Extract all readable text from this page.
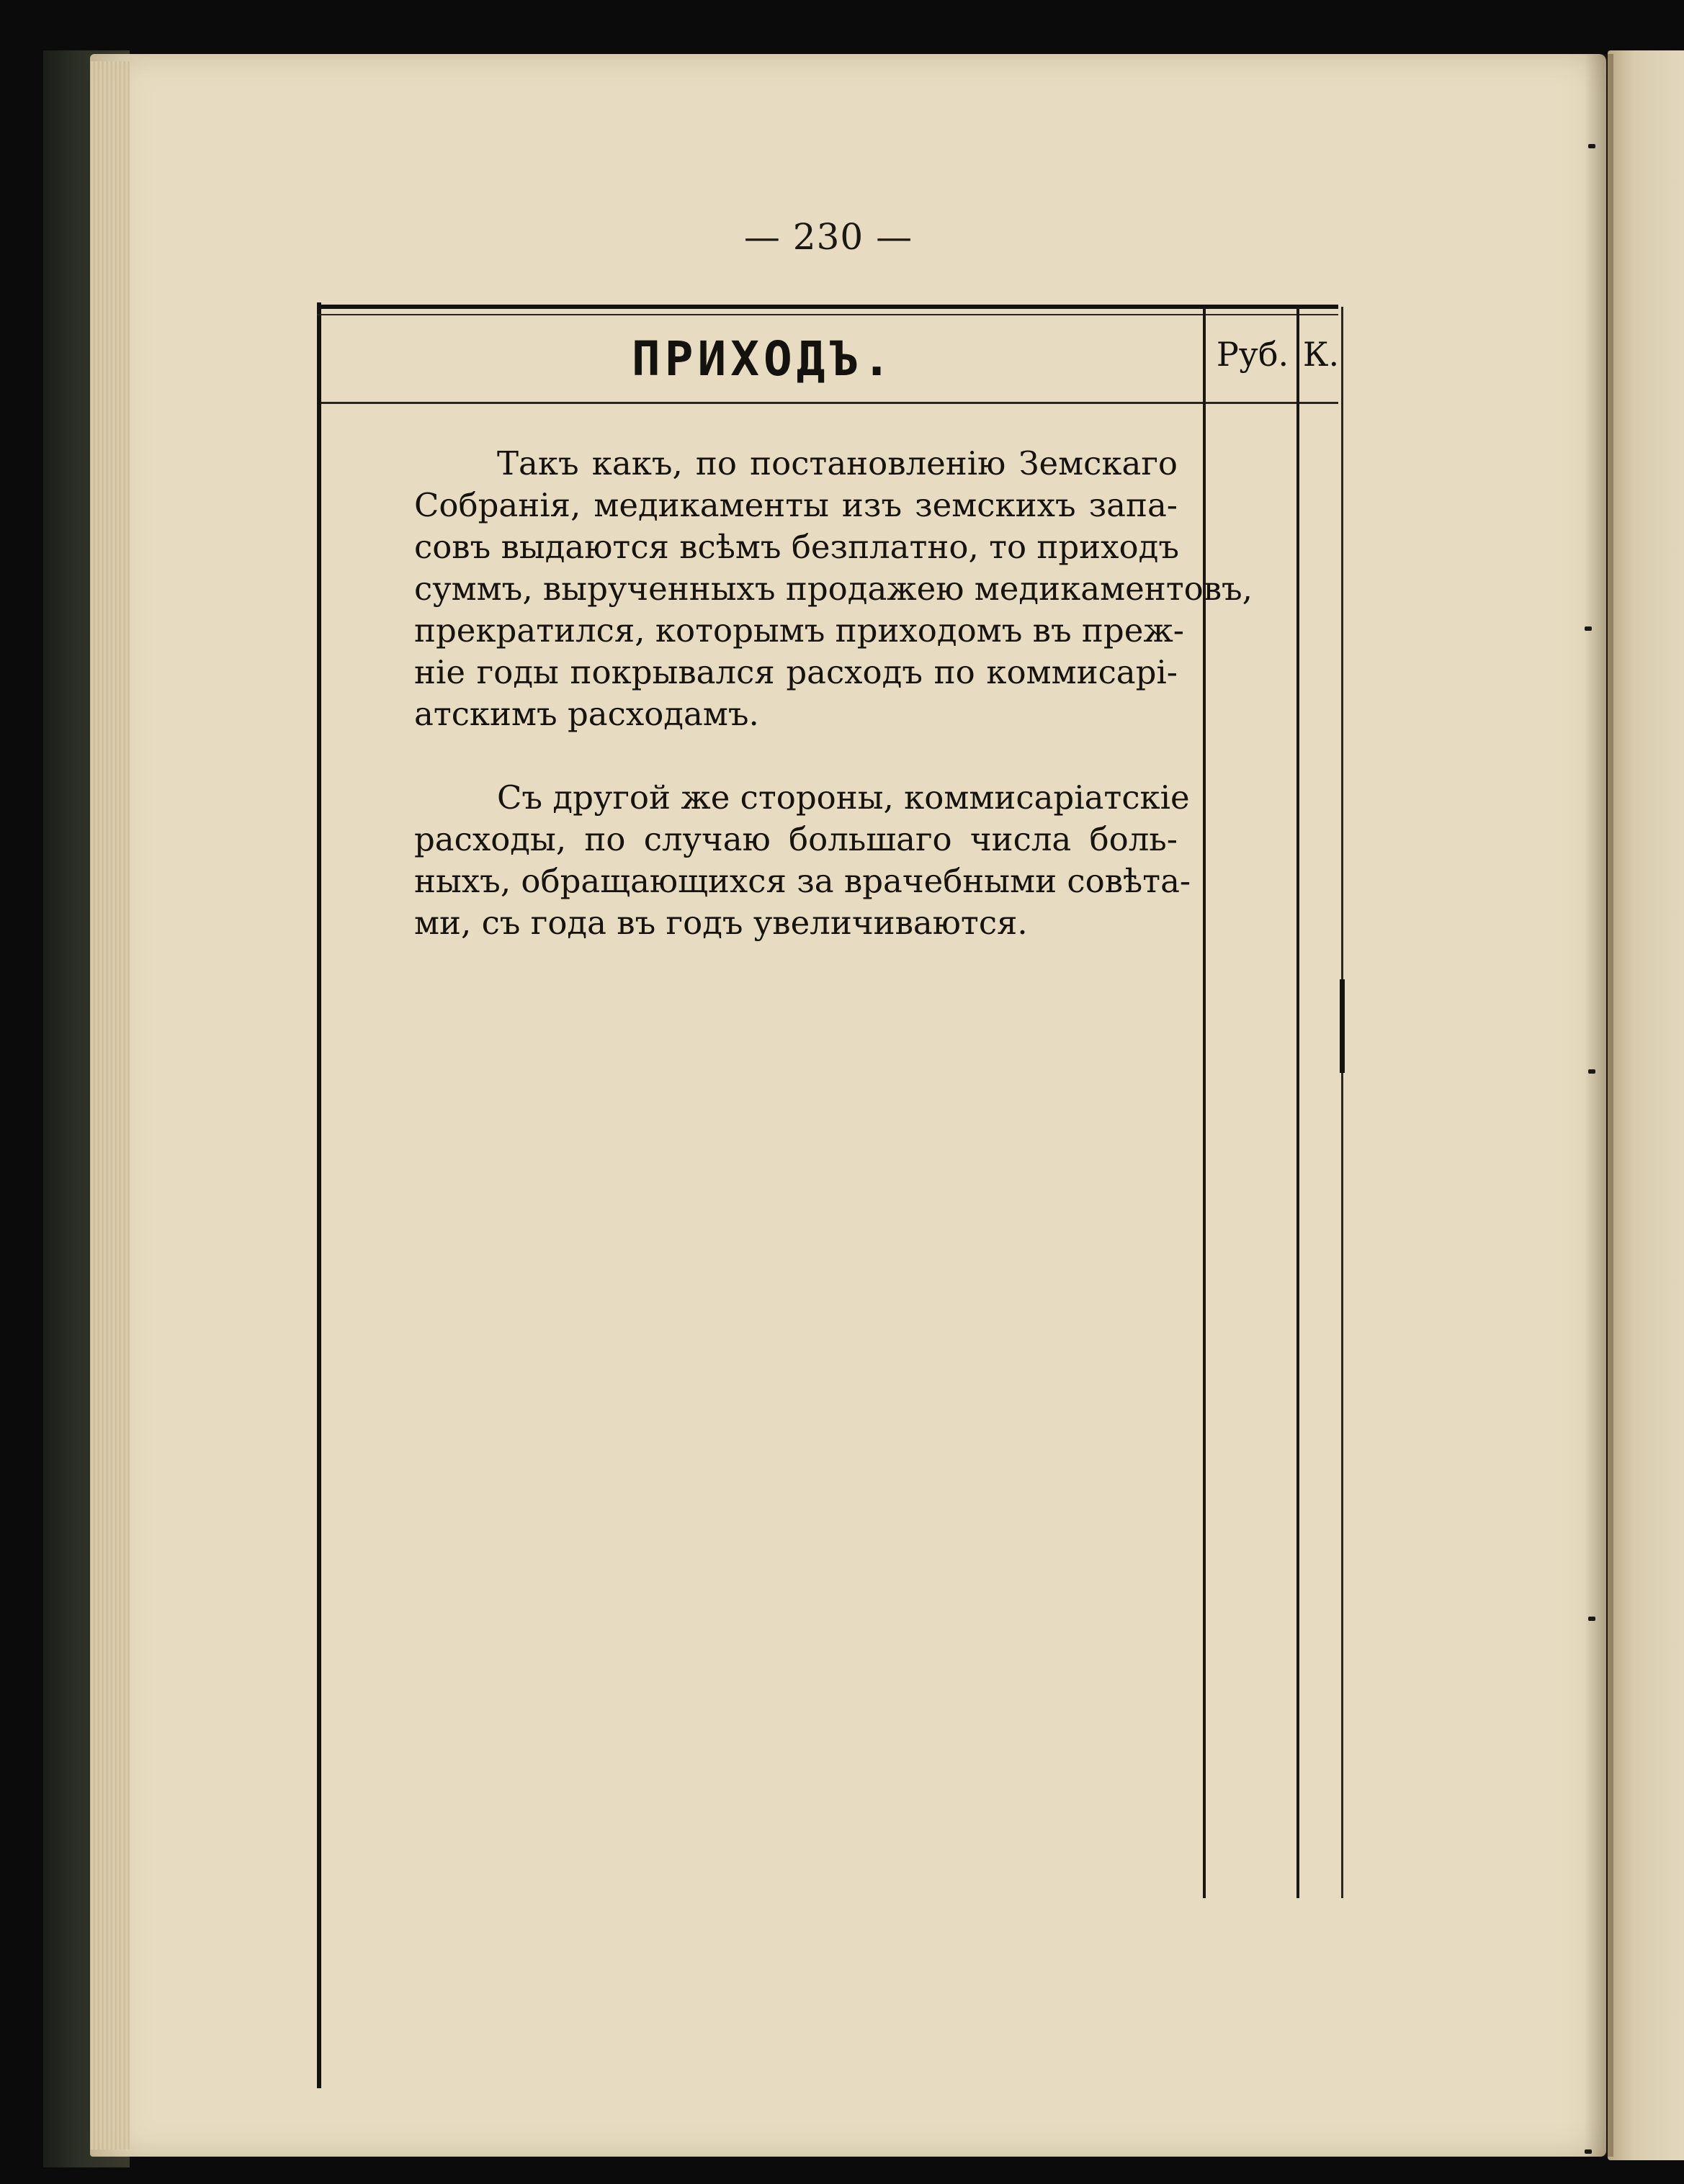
— 230 —
ПРИХОДЪ.	Руб. К.

Такъ какъ, по постановленію Земскаго
Собранія, медикаменты изъ земскихъ запа-
совъ выдаются всѣмъ безплатно, то приходъ
суммъ, вырученныхъ продажею медикаментовъ,
прекратился, которымъ приходомъ въ преж-
ніе годы покрывался расходъ по коммисарі-
атскимъ расходамъ.

Съ другой же стороны, коммисаріатскіе
расходы, по случаю большаго числа боль-
ныхъ, обращающихся за врачебными совѣта-
ми, съ года въ годъ увеличиваются.
